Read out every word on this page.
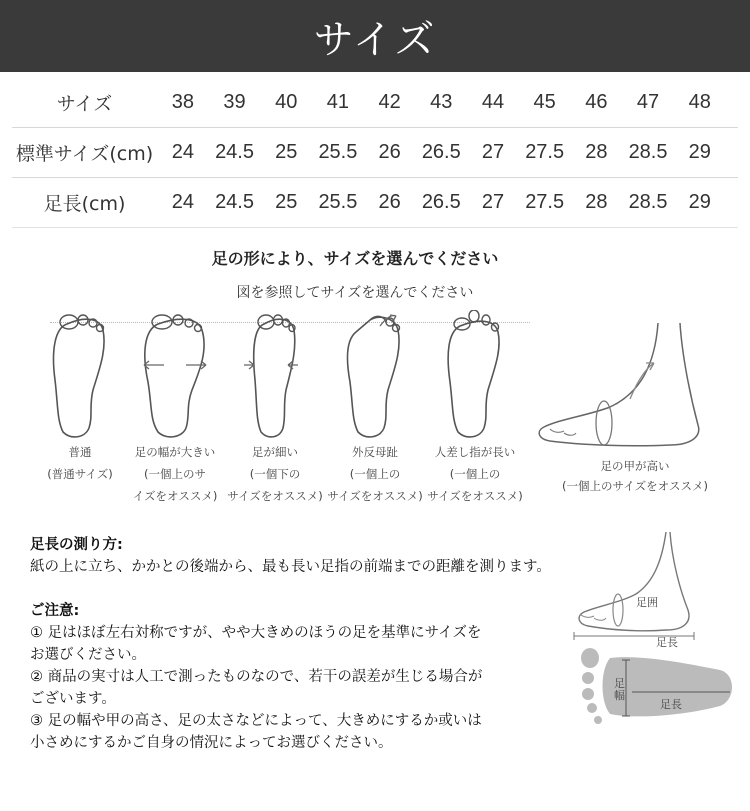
サイズ
サイズ	38	39	40	41	42	43	44	45	46	47	48
標準サイズ(cm) 24	24.5	25	25.5	26	26.5	27	27.5	28	28.5	29
足長(cm)	24	24.5	25	25.5	26	26.5	27	27.5	28	28.5	29
足の形により、サイズを選んでください
図を参照してサイズを選んでください
普通
(普通サイズ)
足の幅が大きい
(一個上のサ
イズをオススメ)
足が細い
(一個下の
サイズをオススメ)
外反母趾
(一個上の
サイズをオススメ)
人差し指が長い
(一個上の
サイズをオススメ)
足の甲が高い
(一個上のサイズをオススメ)
足長の測り方:
紙の上に立ち、かかとの後端から、最も長い足指の前端までの距離を測ります。
ご注意:
① 足はほぼ左右対称ですが、やや大きめのほうの足を基準にサイズを
お選びください。
② 商品の実寸は人工で測ったものなので、若干の誤差が生じる場合が
ございます。
③ 足の幅や甲の高さ、足の太さなどによって、大きめにするか或いは
小さめにするかご自身の情況によってお選びください。
足囲
足長
足幅
足長
